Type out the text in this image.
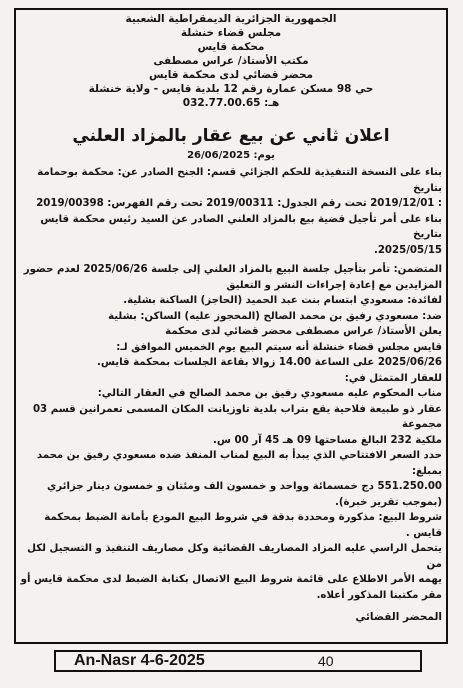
الجمهورية الجزائرية الديمقراطية الشعبية
مجلس قضاء خنشلة
محكمة قايس
مكتب الأستاذ/ عراس مصطفى
محضر قضائي لدى محكمة قايس
حي 98 مسكن عمارة رقم 12 بلدية قايس - ولاية خنشلة
هـ: 032.77.00.65
اعلان ثاني عن بيع عقار بالمزاد العلني
يوم: 26/06/2025

بناء على النسخة التنفيذية للحكم الجزائي قسم: الجنح الصادر عن: محكمة بوحمامة بتاريخ

: 2019/12/01 تحت رقم الجدول: 2019/00311 تحت رقم الفهرس: 2019/00398

بناء على أمر تأجيل قضية بيع بالمزاد العلني الصادر عن السيد رئيس محكمة قايس بتاريخ

2025/05/15.

المتضمن: تأمر بتأجيل جلسة البيع بالمزاد العلني إلى جلسة 2025/06/26 لعدم حضور

المزايدين مع إعادة إجراءات النشر و التعليق

لفائدة: مسعودي ابتسام بنت عبد الحميد (الحاجز) الساكنة بشلية.

ضد: مسعودي رفيق بن محمد الصالح (المحجوز عليه) الساكن: بشلية

يعلن الأستاذ/ عراس مصطفى محضر قضائي لدى محكمة

قايس مجلس قضاء خنشلة أنه سيتم البيع يوم الخميس الموافق لـ:

2025/06/26 على الساعة 14.00 زوالا بقاعة الجلسات بمحكمة قايس.

للعقار المتمثل في:

مناب المحكوم عليه مسعودي رفيق بن محمد الصالح في العقار التالي:

عقار ذو طبيعة فلاحية يقع بتراب بلدية تاوزيانت المكان المسمى تعمرانين قسم 03 مجموعة

ملكية 232 البالغ مساحتها 09 هـ 45 آر 00 س.

حدد السعر الافتتاحي الذي يبدأ به البيع لمناب المنفذ ضده مسعودي رفيق بن محمد بمبلغ:

551.250.00 دج خمسمائة وواحد و خمسون الف ومئتان و خمسون دينار جزائري

(بموجب تقرير خبرة).

شروط البيع: مذكورة ومحددة بدقة في شروط البيع المودع بأمانة الضبط بمحكمة قايس .

يتحمل الراسي عليه المزاد المصاريف القضائية وكل مصاريف التنفيذ و التسجيل لكل من

يهمه الأمر الاطلاع على قائمة شروط البيع الاتصال بكتابة الضبط لدى محكمة قايس أو

مقر مكتبنا المذكور أعلاه.

المحضر القضائي
An-Nasr 4-6-2025	40
